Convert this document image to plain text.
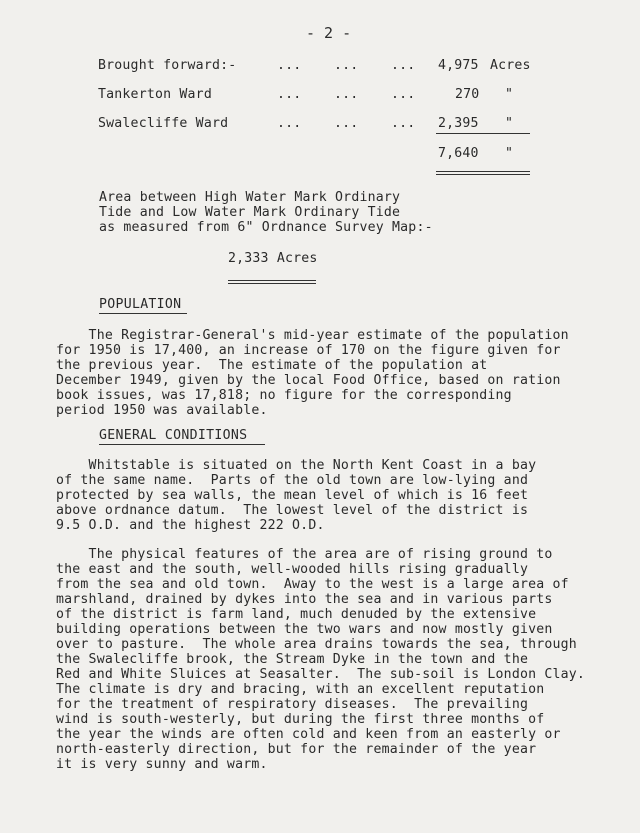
- 2 -
Brought forward:-	...    ...    ... 4,975 Acres
Tankerton Ward	...    ...    ...	270 "
Swalecliffe Ward	...    ...    ... 2,395 "
7,640 "
Area between High Water Mark Ordinary
Tide and Low Water Mark Ordinary Tide
as measured from 6" Ordnance Survey Map:-
2,333 Acres
POPULATION
The Registrar-General's mid-year estimate of the population
for 1950 is 17,400, an increase of 170 on the figure given for
the previous year.  The estimate of the population at
December 1949, given by the local Food Office, based on ration
book issues, was 17,818; no figure for the corresponding
period 1950 was available.
GENERAL CONDITIONS
Whitstable is situated on the North Kent Coast in a bay
of the same name.  Parts of the old town are low-lying and
protected by sea walls, the mean level of which is 16 feet
above ordnance datum.  The lowest level of the district is
9.5 O.D. and the highest 222 O.D.
The physical features of the area are of rising ground to
the east and the south, well-wooded hills rising gradually
from the sea and old town.  Away to the west is a large area of
marshland, drained by dykes into the sea and in various parts
of the district is farm land, much denuded by the extensive
building operations between the two wars and now mostly given
over to pasture.  The whole area drains towards the sea, through
the Swalecliffe brook, the Stream Dyke in the town and the
Red and White Sluices at Seasalter.  The sub-soil is London Clay.
The climate is dry and bracing, with an excellent reputation
for the treatment of respiratory diseases.  The prevailing
wind is south-westerly, but during the first three months of
the year the winds are often cold and keen from an easterly or
north-easterly direction, but for the remainder of the year
it is very sunny and warm.
